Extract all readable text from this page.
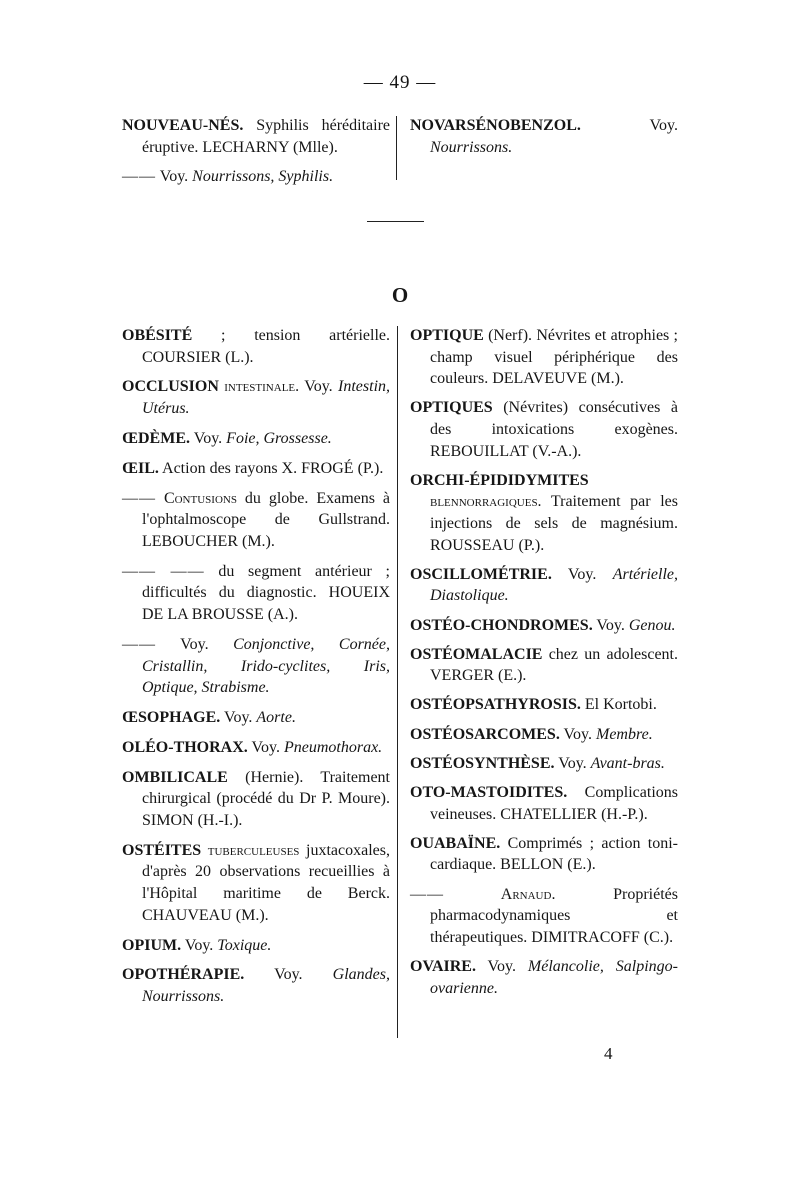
— 49 —

NOUVEAU-NÉS. Syphilis héréditaire éruptive. LECHARNY (Mlle).

—— Voy. Nourrissons, Syphilis.

NOVARSÉNOBENZOL. Voy. Nourrissons.

O

OBÉSITÉ ; tension artérielle. COURSIER (L.).

OCCLUSION intestinale. Voy. Intestin, Utérus.

ŒDÈME. Voy. Foie, Grossesse.

ŒIL. Action des rayons X. FROGÉ (P.).

—— Contusions du globe. Examens à l'ophtalmoscope de Gullstrand. LEBOUCHER (M.).

—— —— du segment antérieur ; difficultés du diagnostic. HOUEIX DE LA BROUSSE (A.).

—— Voy. Conjonctive, Cornée, Cristallin, Irido-cyclites, Iris, Optique, Strabisme.

ŒSOPHAGE. Voy. Aorte.

OLÉO-THORAX. Voy. Pneumothorax.

OMBILICALE (Hernie). Traitement chirurgical (procédé du Dr P. Moure). SIMON (H.-I.).

OSTÉITES tuberculeuses juxtacoxales, d'après 20 observations recueillies à l'Hôpital maritime de Berck. CHAUVEAU (M.).

OPIUM. Voy. Toxique.

OPOTHÉRAPIE. Voy. Glandes, Nourrissons.

OPTIQUE (Nerf). Névrites et atrophies ; champ visuel périphérique des couleurs. DELAVEUVE (M.).

OPTIQUES (Névrites) consécutives à des intoxications exogènes. REBOUILLAT (V.-A.).

ORCHI-ÉPIDIDYMITES blennorragiques. Traitement par les injections de sels de magnésium. ROUSSEAU (P.).

OSCILLOMÉTRIE. Voy. Artérielle, Diastolique.

OSTÉO-CHONDROMES. Voy. Genou.

OSTÉOMALACIE chez un adolescent. VERGER (E.).

OSTÉOPSATHYROSIS. El Kortobi.

OSTÉOSARCOMES. Voy. Membre.

OSTÉOSYNTHÈSE. Voy. Avant-bras.

OTO-MASTOIDITES. Complications veineuses. CHATELLIER (H.-P.).

OUABAÏNE. Comprimés ; action toni-cardiaque. BELLON (E.).

—— Arnaud. Propriétés pharmacodynamiques et thérapeutiques. DIMITRACOFF (C.).

OVAIRE. Voy. Mélancolie, Salpingo-ovarienne.

4
